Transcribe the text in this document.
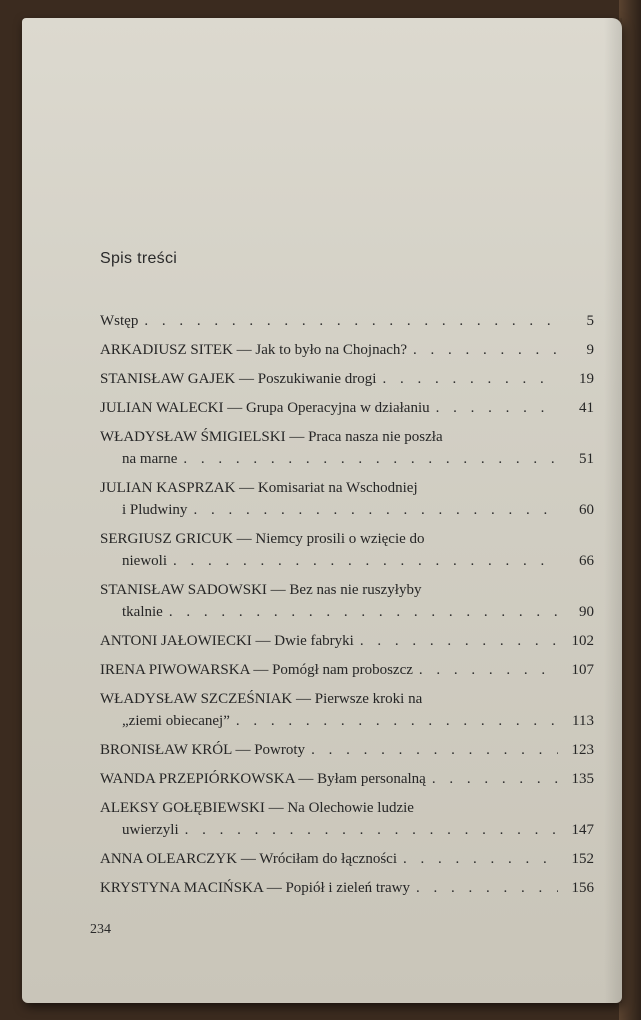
Spis treści
Wstęp . . .	5
ARKADIUSZ SITEK — Jak to było na Chojnach? . . .	9
STANISŁAW GAJEK — Poszukiwanie drogi . . .	19
JULIAN WALECKI — Grupa Operacyjna w działaniu . . .	41
WŁADYSŁAW ŚMIGIELSKI — Praca nasza nie poszła
na marne . . .	51
JULIAN KASPRZAK — Komisariat na Wschodniej
i Pludwiny . . .	60
SERGIUSZ GRICUK — Niemcy prosili o wzięcie do
niewoli . . .	66
STANISŁAW SADOWSKI — Bez nas nie ruszyłyby
tkalnie . . .	90
ANTONI JAŁOWIECKI — Dwie fabryki . . .	102
IRENA PIWOWARSKA — Pomógł nam proboszcz . . .	107
WŁADYSŁAW SZCZEŚNIAK — Pierwsze kroki na
„ziemi obiecanej” . . .	113
BRONISŁAW KRÓL — Powroty . . .	123
WANDA PRZEPIÓRKOWSKA — Byłam personalną . . .	135
ALEKSY GOŁĘBIEWSKI — Na Olechowie ludzie
uwierzyli . . .	147
ANNA OLEARCZYK — Wróciłam do łączności . . .	152
KRYSTYNA MACIŃSKA — Popiół i zieleń trawy . . .	156
234
